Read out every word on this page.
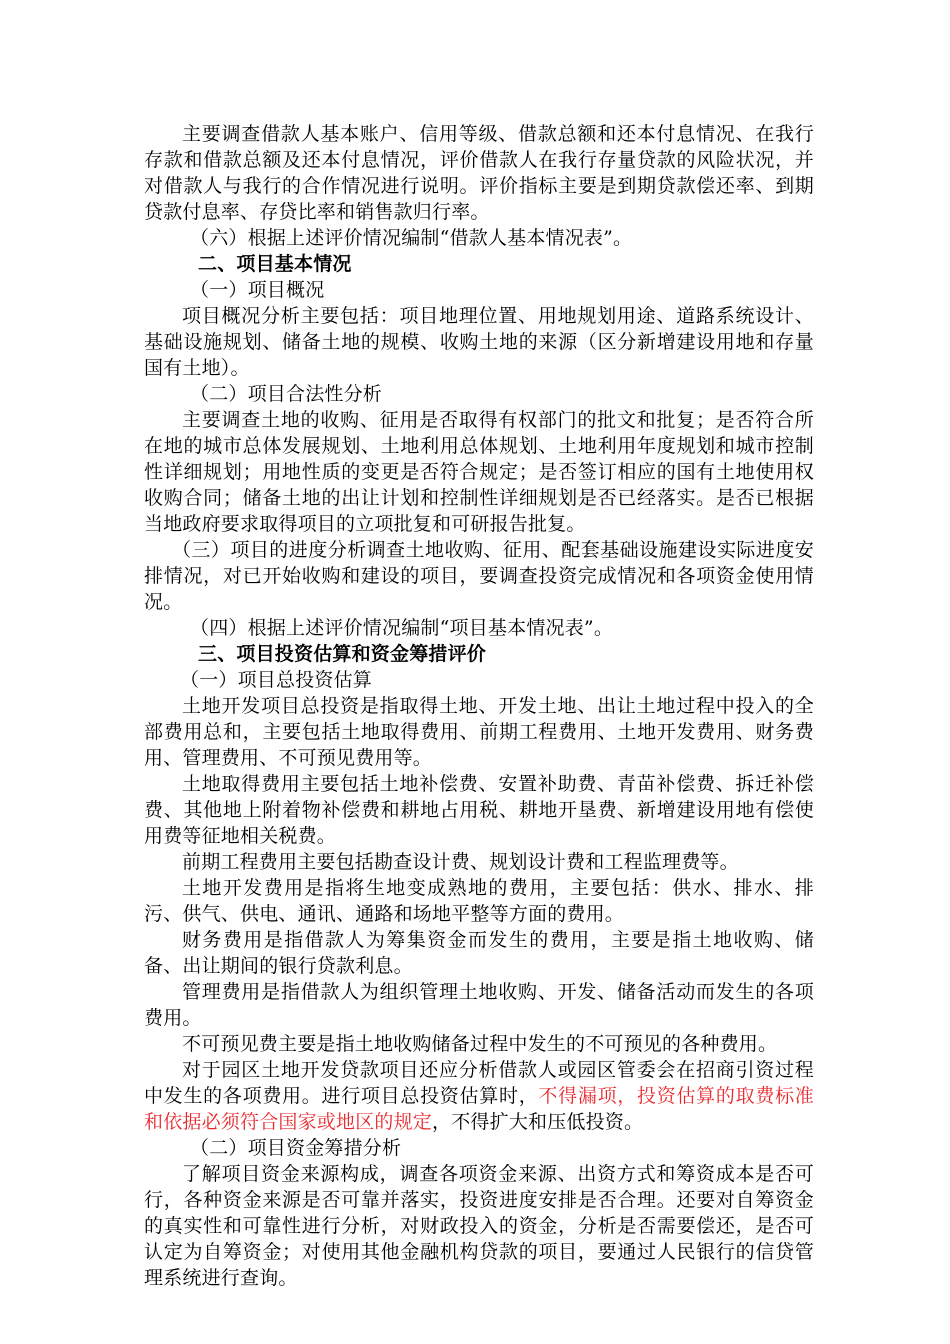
主要调查借款人基本账户、信用等级、借款总额和还本付息情况、在我行存款和借款总额及还本付息情况，评价借款人在我行存量贷款的风险状况，并对借款人与我行的合作情况进行说明。评价指标主要是到期贷款偿还率、到期贷款付息率、存贷比率和销售款归行率。

（六）根据上述评价情况编制“借款人基本情况表”。

二、项目基本情况

（一）项目概况

项目概况分析主要包括：项目地理位置、用地规划用途、道路系统设计、基础设施规划、储备土地的规模、收购土地的来源（区分新增建设用地和存量国有土地）。

（二）项目合法性分析

主要调查土地的收购、征用是否取得有权部门的批文和批复；是否符合所在地的城市总体发展规划、土地利用总体规划、土地利用年度规划和城市控制性详细规划；用地性质的变更是否符合规定；是否签订相应的国有土地使用权收购合同；储备土地的出让计划和控制性详细规划是否已经落实。是否已根据当地政府要求取得项目的立项批复和可研报告批复。

（三）项目的进度分析调查土地收购、征用、配套基础设施建设实际进度安排情况，对已开始收购和建设的项目，要调查投资完成情况和各项资金使用情况。

（四）根据上述评价情况编制“项目基本情况表”。

三、项目投资估算和资金筹措评价

（一）项目总投资估算

土地开发项目总投资是指取得土地、开发土地、出让土地过程中投入的全部费用总和，主要包括土地取得费用、前期工程费用、土地开发费用、财务费用、管理费用、不可预见费用等。

土地取得费用主要包括土地补偿费、安置补助费、青苗补偿费、拆迁补偿费、其他地上附着物补偿费和耕地占用税、耕地开垦费、新增建设用地有偿使用费等征地相关税费。

前期工程费用主要包括勘查设计费、规划设计费和工程监理费等。

土地开发费用是指将生地变成熟地的费用，主要包括：供水、排水、排污、供气、供电、通讯、通路和场地平整等方面的费用。

财务费用是指借款人为筹集资金而发生的费用，主要是指土地收购、储备、出让期间的银行贷款利息。

管理费用是指借款人为组织管理土地收购、开发、储备活动而发生的各项费用。

不可预见费主要是指土地收购储备过程中发生的不可预见的各种费用。

对于园区土地开发贷款项目还应分析借款人或园区管委会在招商引资过程中发生的各项费用。进行项目总投资估算时，不得漏项，投资估算的取费标准和依据必须符合国家或地区的规定，不得扩大和压低投资。

（二）项目资金筹措分析

了解项目资金来源构成，调查各项资金来源、出资方式和筹资成本是否可行，各种资金来源是否可靠并落实，投资进度安排是否合理。还要对自筹资金的真实性和可靠性进行分析，对财政投入的资金，分析是否需要偿还，是否可认定为自筹资金；对使用其他金融机构贷款的项目，要通过人民银行的信贷管理系统进行查询。
